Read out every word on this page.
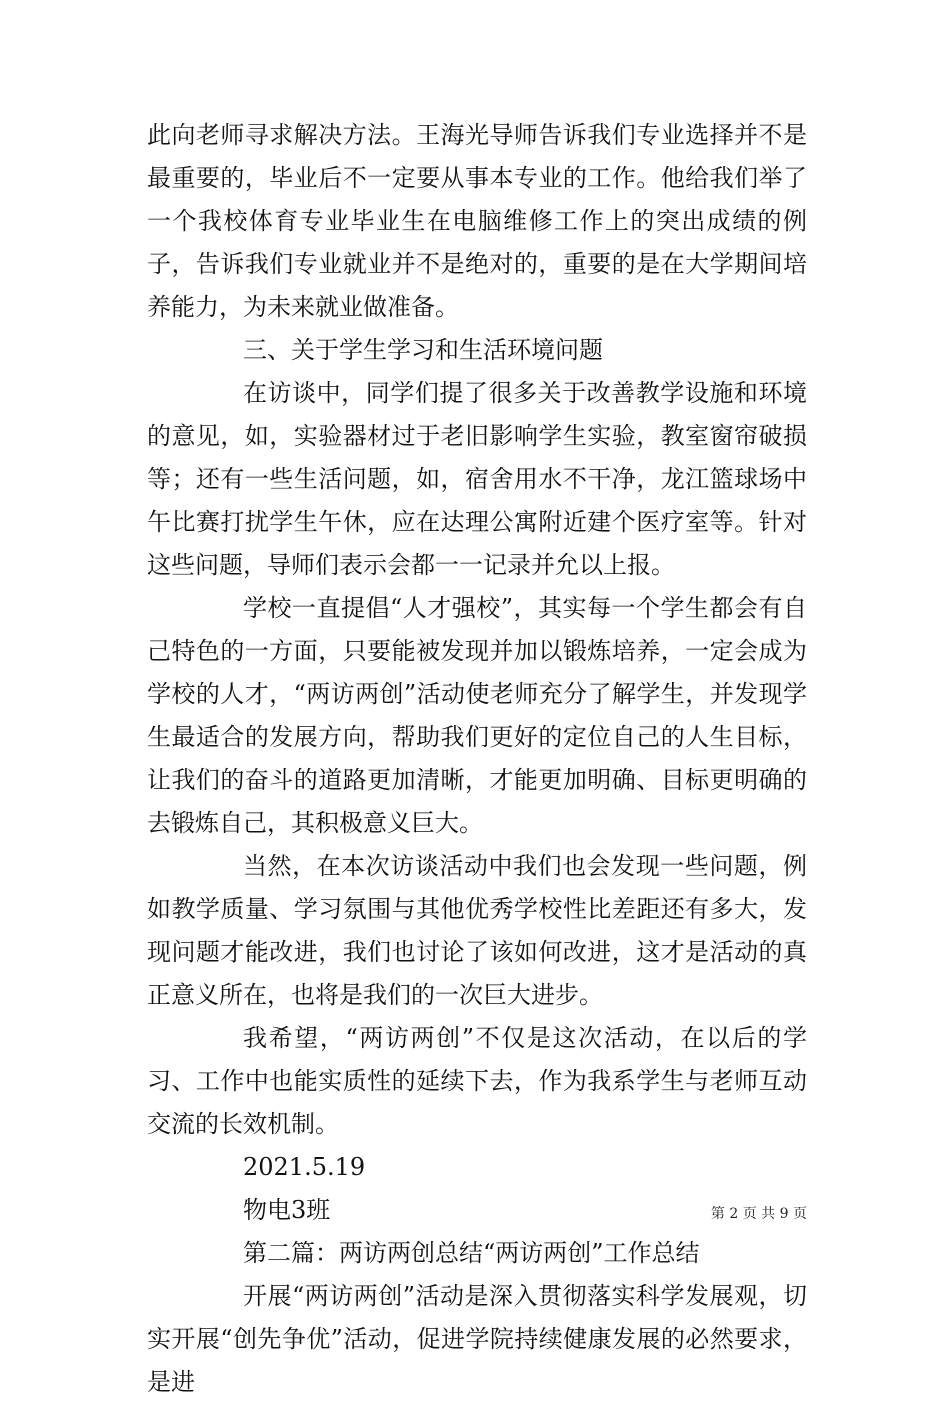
此向老师寻求解决方法。王海光导师告诉我们专业选择并不是最重要的，毕业后不一定要从事本专业的工作。他给我们举了一个我校体育专业毕业生在电脑维修工作上的突出成绩的例子，告诉我们专业就业并不是绝对的，重要的是在大学期间培养能力，为未来就业做准备。

三、关于学生学习和生活环境问题

在访谈中，同学们提了很多关于改善教学设施和环境的意见，如，实验器材过于老旧影响学生实验，教室窗帘破损等；还有一些生活问题，如，宿舍用水不干净，龙江篮球场中午比赛打扰学生午休，应在达理公寓附近建个医疗室等。针对这些问题，导师们表示会都一一记录并允以上报。

学校一直提倡“人才强校”，其实每一个学生都会有自己特色的一方面，只要能被发现并加以锻炼培养，一定会成为学校的人才，“两访两创”活动使老师充分了解学生，并发现学生最适合的发展方向，帮助我们更好的定位自己的人生目标，让我们的奋斗的道路更加清晰，才能更加明确、目标更明确的去锻炼自己，其积极意义巨大。

当然，在本次访谈活动中我们也会发现一些问题，例如教学质量、学习氛围与其他优秀学校性比差距还有多大，发现问题才能改进，我们也讨论了该如何改进，这才是活动的真正意义所在，也将是我们的一次巨大进步。

我希望，“两访两创”不仅是这次活动，在以后的学习、工作中也能实质性的延续下去，作为我系学生与老师互动交流的长效机制。

2021.5.19

物电3班

第二篇：两访两创总结“两访两创”工作总结

开展“两访两创”活动是深入贯彻落实科学发展观，切实开展“创先争优”活动，促进学院持续健康发展的必然要求，是进

第 2 页 共 9 页
